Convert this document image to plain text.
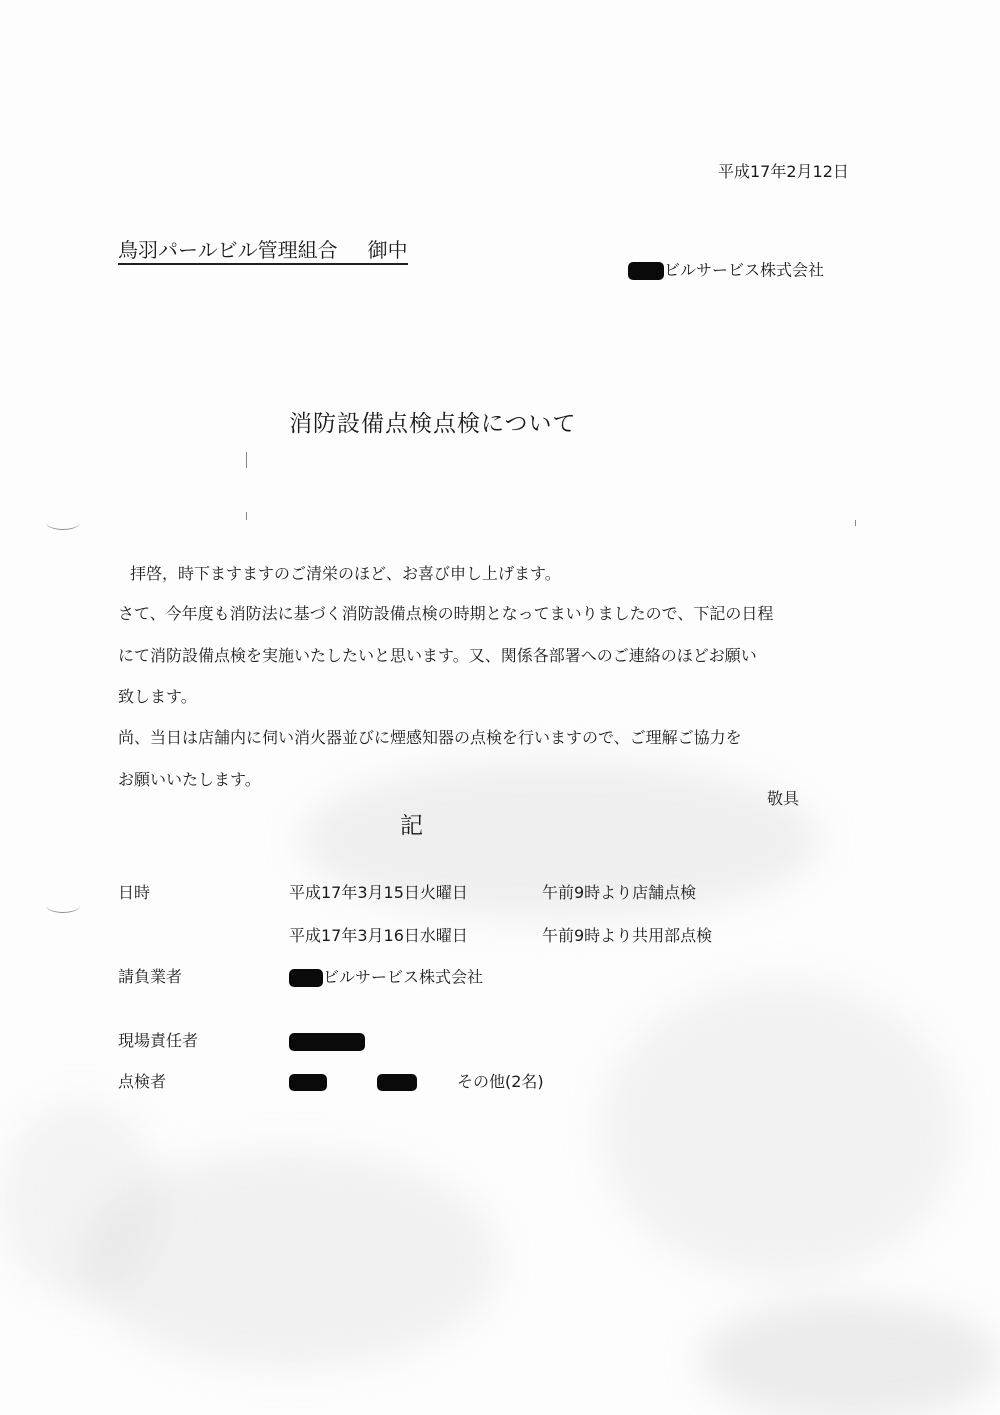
平成17年2月12日
鳥羽パールビル管理組合 御中
ビルサービス株式会社
消防設備点検点検について
拝啓，時下ますますのご清栄のほど、お喜び申し上げます。
さて、今年度も消防法に基づく消防設備点検の時期となってまいりましたので、下記の日程
にて消防設備点検を実施いたしたいと思います。又、関係各部署へのご連絡のほどお願い
致します。
尚、当日は店舗内に伺い消火器並びに煙感知器の点検を行いますので、ご理解ご協力を
お願いいたします。
敬具
記
日時	平成17年3月15日火曜日	午前9時より店舗点検
平成17年3月16日水曜日	午前9時より共用部点検
請負業者	ビルサービス株式会社
現場責任者
点検者	その他(2名)
